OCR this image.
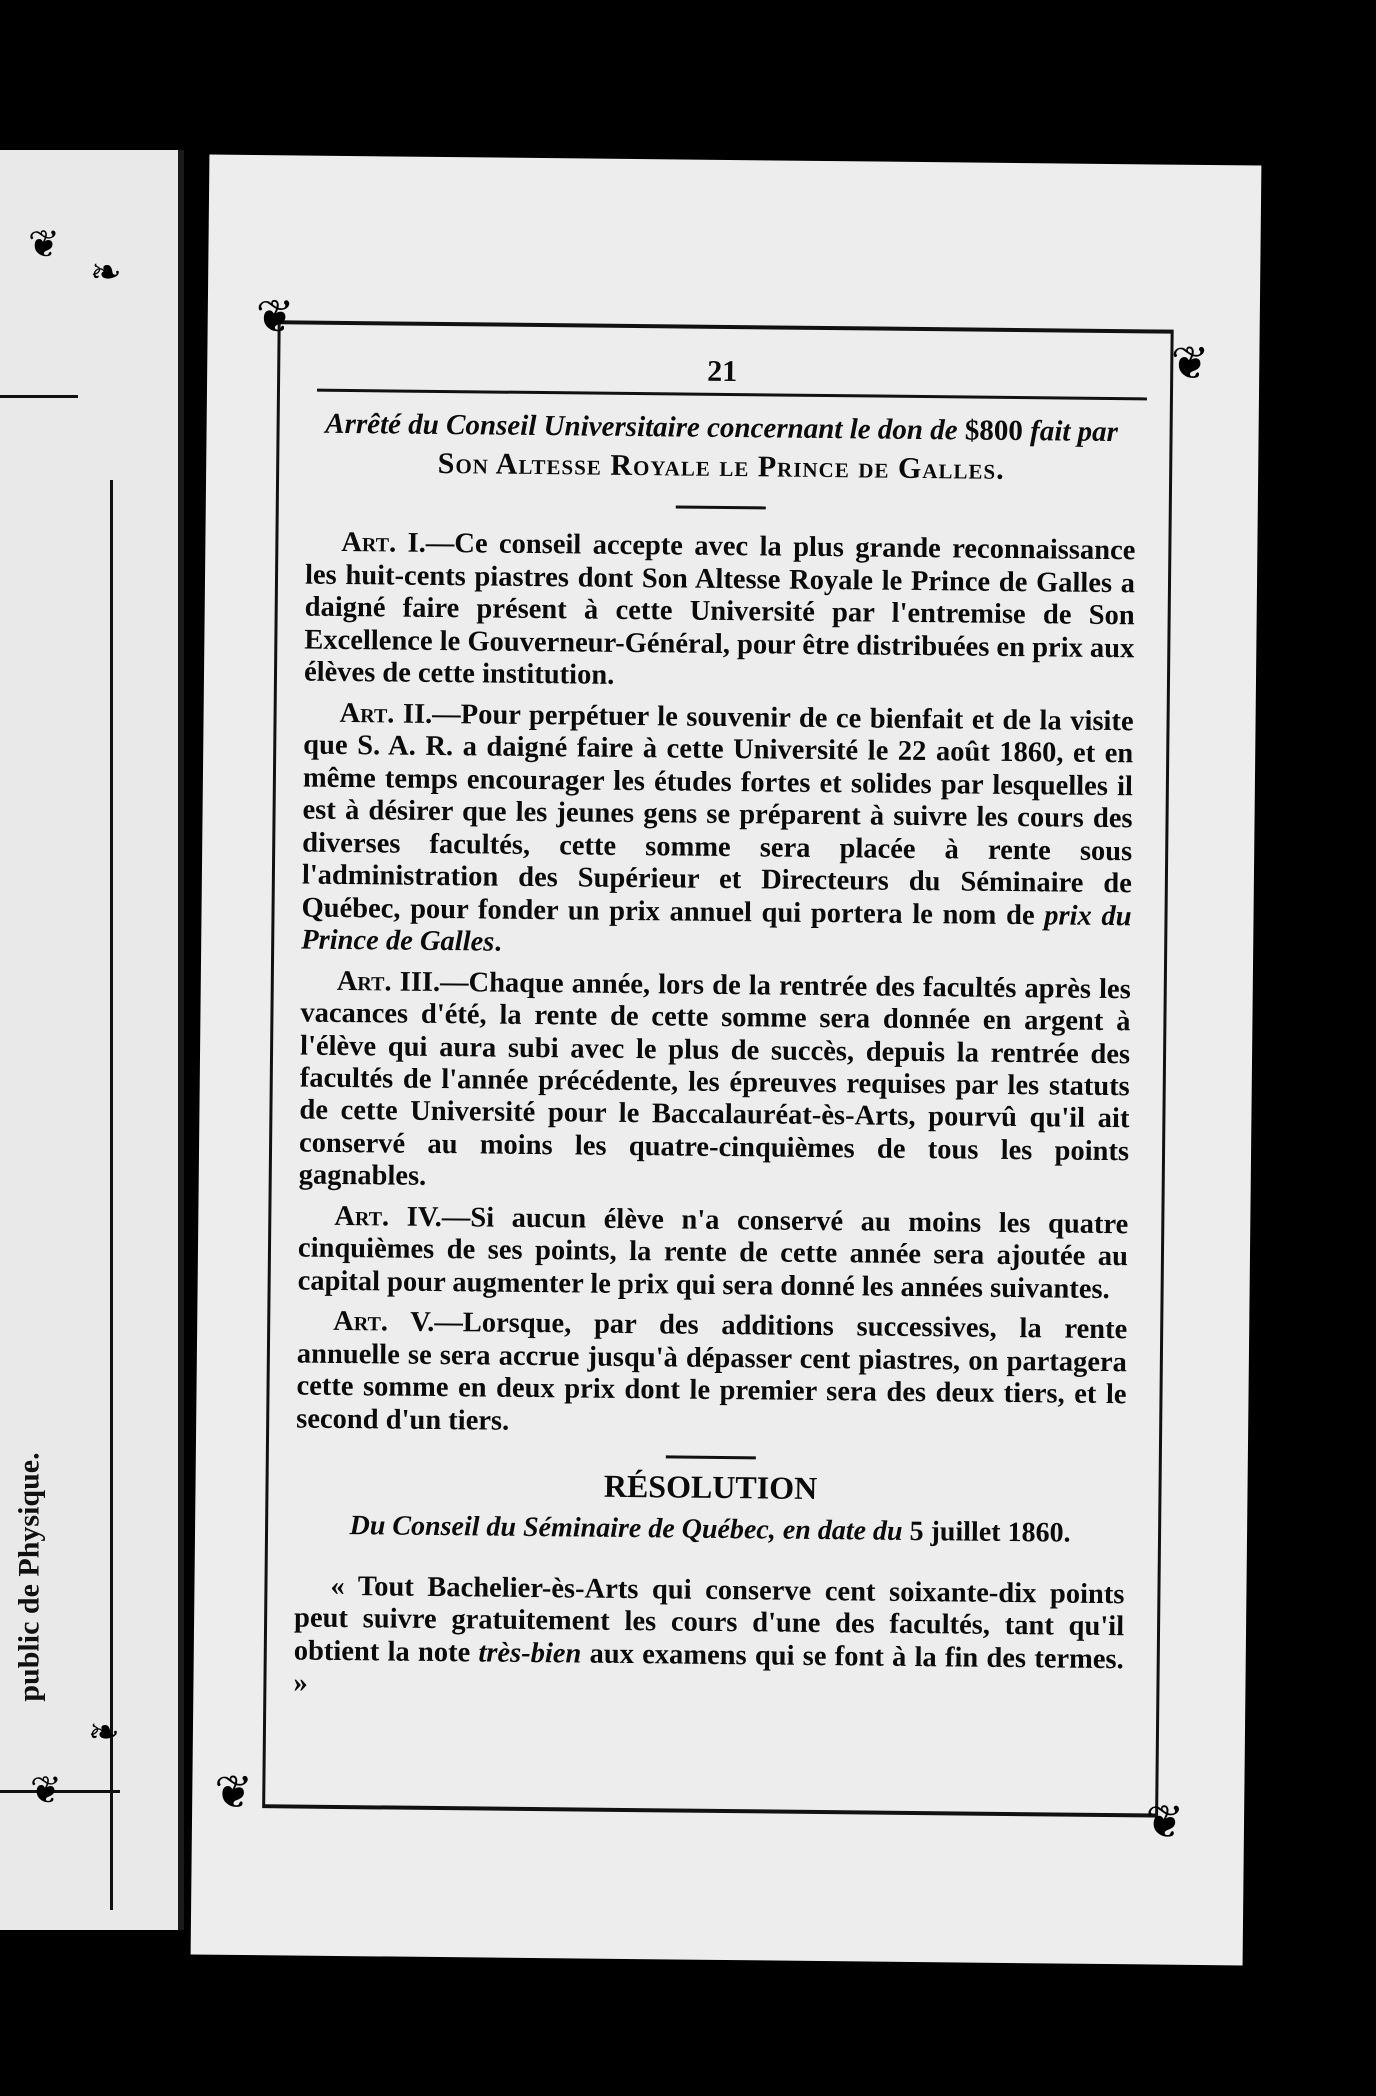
❦
❧
❦
❧
public de Physique.
❦
❦
❦
❦
21
Arrêté du Conseil Universitaire concernant le don de $800 fait par
Son Altesse Royale le Prince de Galles.

Art. I.—Ce conseil accepte avec la plus grande reconnaissance les huit-cents piastres dont Son Altesse Royale le Prince de Galles a daigné faire présent à cette Université par l'entremise de Son Excellence le Gouverneur-Général, pour être distribuées en prix aux élèves de cette institution.

Art. II.—Pour perpétuer le souvenir de ce bienfait et de la visite que S. A. R. a daigné faire à cette Université le 22 août 1860, et en même temps encourager les études fortes et solides par lesquelles il est à désirer que les jeunes gens se préparent à suivre les cours des diverses facultés, cette somme sera placée à rente sous l'administration des Supérieur et Directeurs du Séminaire de Québec, pour fonder un prix annuel qui portera le nom de prix du Prince de Galles.

Art. III.—Chaque année, lors de la rentrée des facultés après les vacances d'été, la rente de cette somme sera donnée en argent à l'élève qui aura subi avec le plus de succès, depuis la rentrée des facultés de l'année précédente, les épreuves requises par les statuts de cette Université pour le Baccalauréat-ès-Arts, pourvû qu'il ait conservé au moins les quatre-cinquièmes de tous les points gagnables.

Art. IV.—Si aucun élève n'a conservé au moins les quatre cinquièmes de ses points, la rente de cette année sera ajoutée au capital pour augmenter le prix qui sera donné les années suivantes.

Art. V.—Lorsque, par des additions successives, la rente annuelle se sera accrue jusqu'à dépasser cent piastres, on partagera cette somme en deux prix dont le premier sera des deux tiers, et le second d'un tiers.

RÉSOLUTION
Du Conseil du Séminaire de Québec, en date du 5 juillet 1860.

« Tout Bachelier-ès-Arts qui conserve cent soixante-dix points peut suivre gratuitement les cours d'une des facultés, tant qu'il obtient la note très-bien aux examens qui se font à la fin des termes. »
